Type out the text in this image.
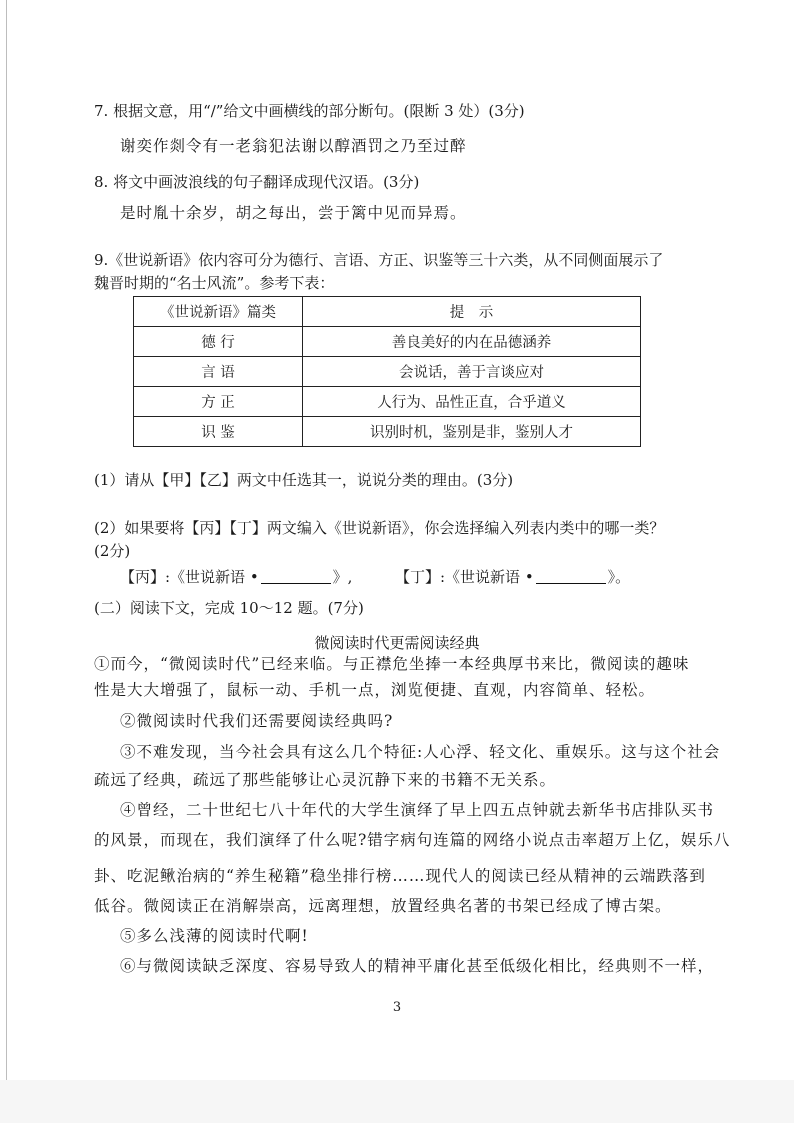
7. 根据文意，用“/”给文中画横线的部分断句。(限断 3 处）(3分)
谢奕作剡令有一老翁犯法谢以醇酒罚之乃至过醉
8. 将文中画波浪线的句子翻译成现代汉语。(3分)
是时胤十余岁，胡之每出，尝于篱中见而异焉。
9.《世说新语》依内容可分为德行、言语、方正、识鉴等三十六类，从不同侧面展示了
魏晋时期的“名士风流”。参考下表：
《世说新语》篇类	提　示
德 行	善良美好的内在品德涵养
言 语	会说话，善于言谈应对
方 正	人行为、品性正直，合乎道义
识 鉴	识别时机，鉴别是非，鉴别人才
(1）请从【甲】【乙】两文中任选其一，说说分类的理由。(3分)
(2）如果要将【丙】【丁】两文编入《世说新语》，你会选择编入列表内类中的哪一类？
(2分)
【丙】:《世说新语 •	》,	【丁】:《世说新语 •	》。
(二）阅读下文，完成 10～12 题。(7分)
微阅读时代更需阅读经典
①而今，“微阅读时代”已经来临。与正襟危坐捧一本经典厚书来比，微阅读的趣味
性是大大增强了，鼠标一动、手机一点，浏览便捷、直观，内容简单、轻松。
②微阅读时代我们还需要阅读经典吗?
③不难发现，当今社会具有这么几个特征:人心浮、轻文化、重娱乐。这与这个社会
疏远了经典，疏远了那些能够让心灵沉静下来的书籍不无关系。
④曾经，二十世纪七八十年代的大学生演绎了早上四五点钟就去新华书店排队买书
的风景，而现在，我们演绎了什么呢?错字病句连篇的网络小说点击率超万上亿，娱乐八
卦、吃泥鳅治病的“养生秘籍”稳坐排行榜……现代人的阅读已经从精神的云端跌落到
低谷。微阅读正在消解崇高，远离理想，放置经典名著的书架已经成了博古架。
⑤多么浅薄的阅读时代啊!
⑥与微阅读缺乏深度、容易导致人的精神平庸化甚至低级化相比，经典则不一样，
3
